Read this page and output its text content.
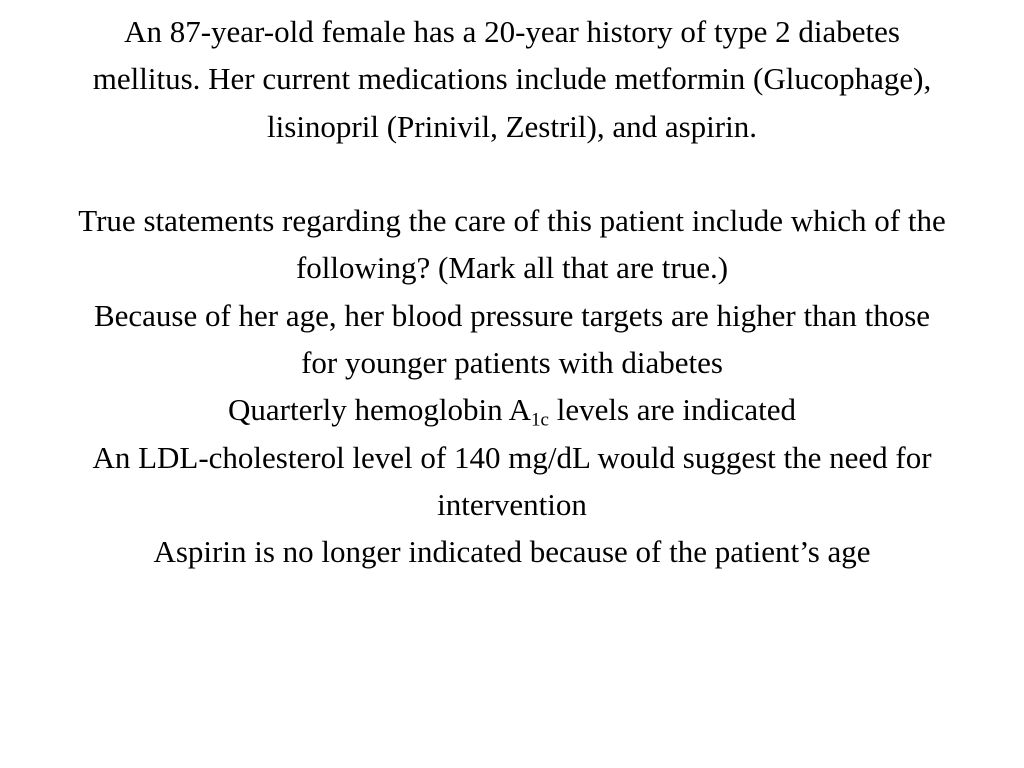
An 87-year-old female has a 20-year history of type 2 diabetes mellitus. Her current medications include metformin (Glucophage), lisinopril (Prinivil, Zestril), and aspirin.

True statements regarding the care of this patient include which of the following? (Mark all that are true.)

Because of her age, her blood pressure targets are higher than those for younger patients with diabetes

Quarterly hemoglobin $A_{1c}$ levels are indicated

An LDL-cholesterol level of 140 mg/dL would suggest the need for intervention

Aspirin is no longer indicated because of the patient’s age
